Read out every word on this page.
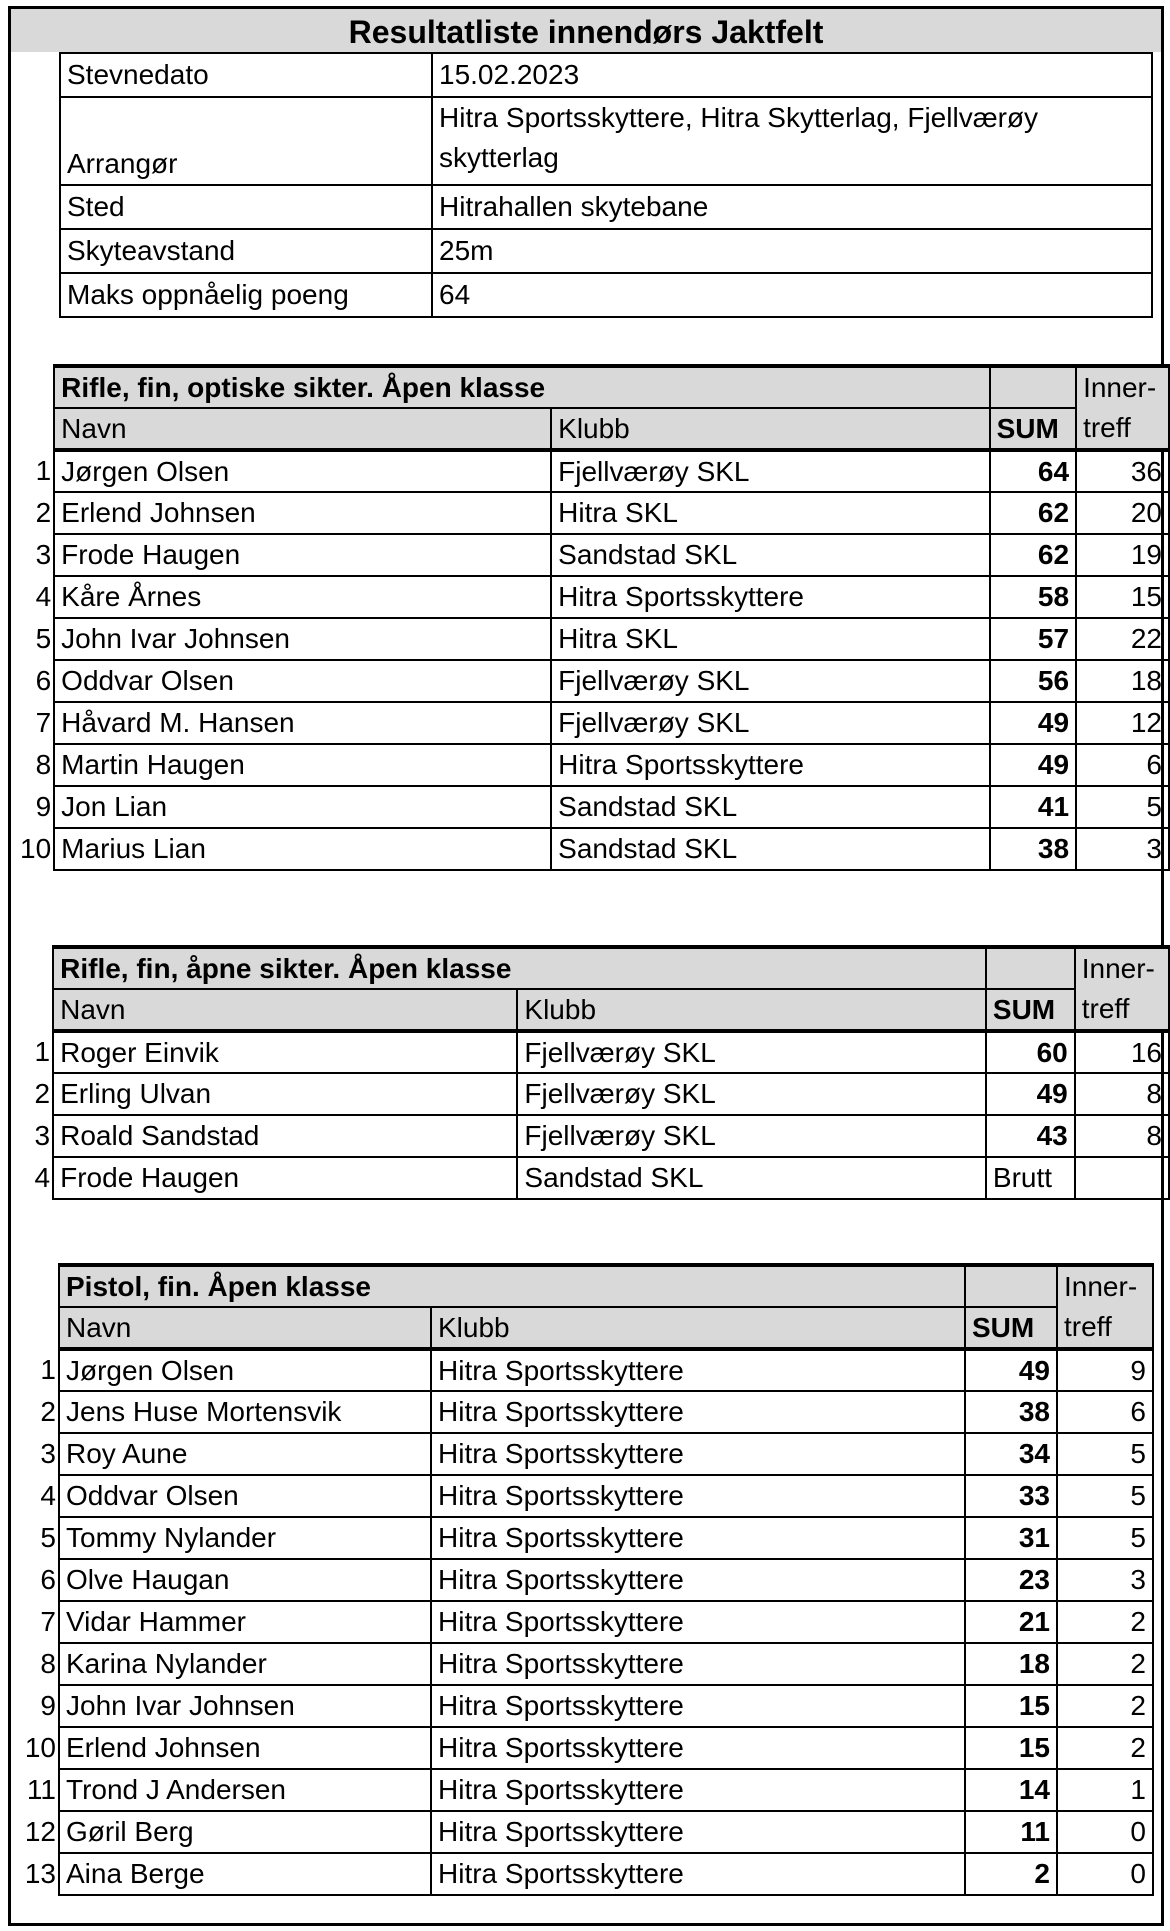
Resultatliste innendørs Jaktfelt
Stevnedato	15.02.2023
Arrangør	Hitra Sportsskyttere, Hitra Skytterlag, Fjellværøy skytterlag
Sted	Hitrahallen skytebane
Skyteavstand	25m
Maks oppnåelig poeng	64
	Rifle, fin, optiske sikter. Åpen klasse			Inner-
	Navn	Klubb	SUM	treff
1	Jørgen Olsen	Fjellværøy SKL	64	36
2	Erlend Johnsen	Hitra SKL	62	20
3	Frode Haugen	Sandstad SKL	62	19
4	Kåre Årnes	Hitra Sportsskyttere	58	15
5	John Ivar Johnsen	Hitra SKL	57	22
6	Oddvar Olsen	Fjellværøy SKL	56	18
7	Håvard M. Hansen	Fjellværøy SKL	49	12
8	Martin Haugen	Hitra Sportsskyttere	49	6
9	Jon Lian	Sandstad SKL	41	5
10	Marius Lian	Sandstad SKL	38	3
	Rifle, fin, åpne sikter. Åpen klasse			Inner-
	Navn	Klubb	SUM	treff
1	Roger Einvik	Fjellværøy SKL	60	16
2	Erling Ulvan	Fjellværøy SKL	49	8
3	Roald Sandstad	Fjellværøy SKL	43	8
4	Frode Haugen	Sandstad SKL	Brutt	
	Pistol, fin. Åpen klasse			Inner-
	Navn	Klubb	SUM	treff
1	Jørgen Olsen	Hitra Sportsskyttere	49	9
2	Jens Huse Mortensvik	Hitra Sportsskyttere	38	6
3	Roy Aune	Hitra Sportsskyttere	34	5
4	Oddvar Olsen	Hitra Sportsskyttere	33	5
5	Tommy Nylander	Hitra Sportsskyttere	31	5
6	Olve Haugan	Hitra Sportsskyttere	23	3
7	Vidar Hammer	Hitra Sportsskyttere	21	2
8	Karina Nylander	Hitra Sportsskyttere	18	2
9	John Ivar Johnsen	Hitra Sportsskyttere	15	2
10	Erlend Johnsen	Hitra Sportsskyttere	15	2
11	Trond J Andersen	Hitra Sportsskyttere	14	1
12	Gøril Berg	Hitra Sportsskyttere	11	0
13	Aina Berge	Hitra Sportsskyttere	2	0
